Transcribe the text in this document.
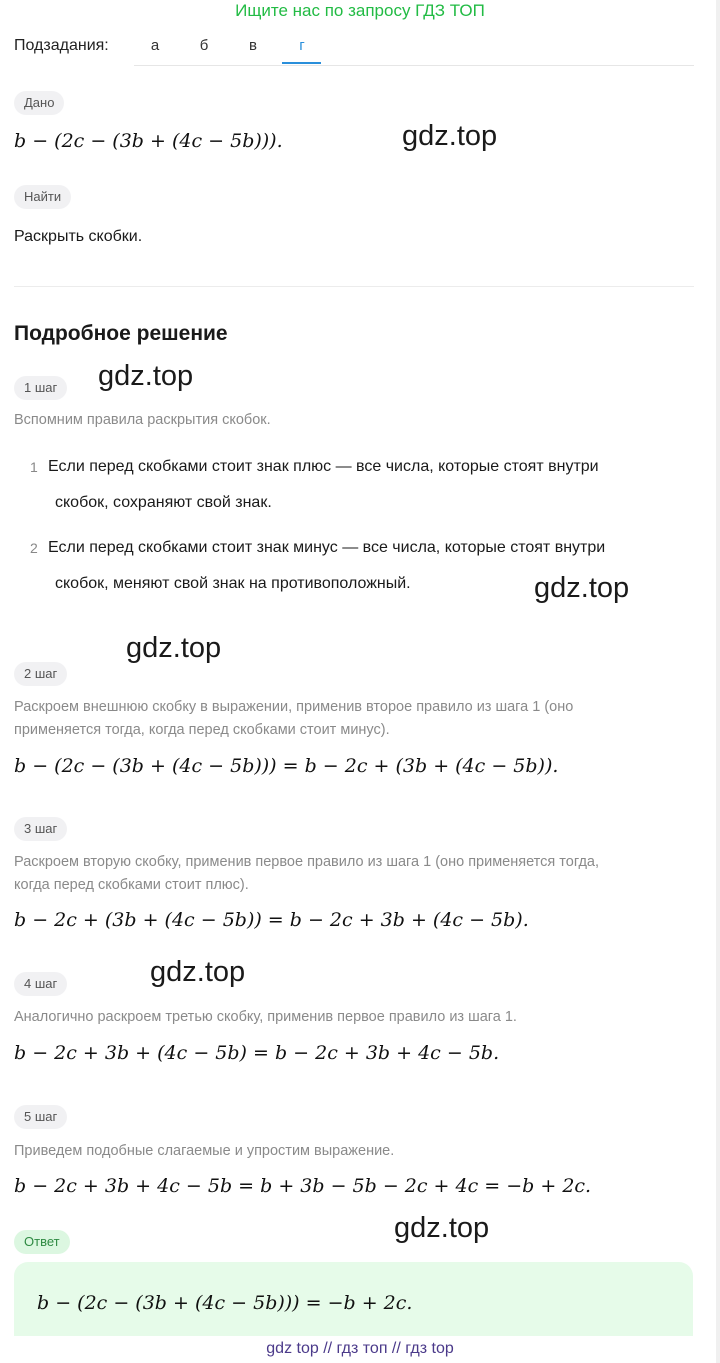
Ищите нас по запросу ГДЗ ТОП
Подзадания:	а	б	в	г
Дано
b − (2c − (3b + (4c − 5b))).	gdz.top
Найти
Раскрыть скобки.
Подробное решение
1 шаг	gdz.top
Вспомним правила раскрытия скобок.
1 Если перед скобками стоит знак плюс — все числа, которые стоят внутри
скобок, сохраняют свой знак.
2 Если перед скобками стоит знак минус — все числа, которые стоят внутри
скобок, меняют свой знак на противоположный.	gdz.top
gdz.top
2 шаг
Раскроем внешнюю скобку в выражении, применив второе правило из шага 1 (оно
применяется тогда, когда перед скобками стоит минус).
b − (2c − (3b + (4c − 5b))) = b − 2c + (3b + (4c − 5b)).
3 шаг
Раскроем вторую скобку, применив первое правило из шага 1 (оно применяется тогда,
когда перед скобками стоит плюс).
b − 2c + (3b + (4c − 5b)) = b − 2c + 3b + (4c − 5b).
4 шаг	gdz.top
Аналогично раскроем третью скобку, применив первое правило из шага 1.
b − 2c + 3b + (4c − 5b) = b − 2c + 3b + 4c − 5b.
5 шаг
Приведем подобные слагаемые и упростим выражение.
b − 2c + 3b + 4c − 5b = b + 3b − 5b − 2c + 4c = −b + 2c.
gdz.top
Ответ
b − (2c − (3b + (4c − 5b))) = −b + 2c.
gdz top // гдз топ // гдз top
